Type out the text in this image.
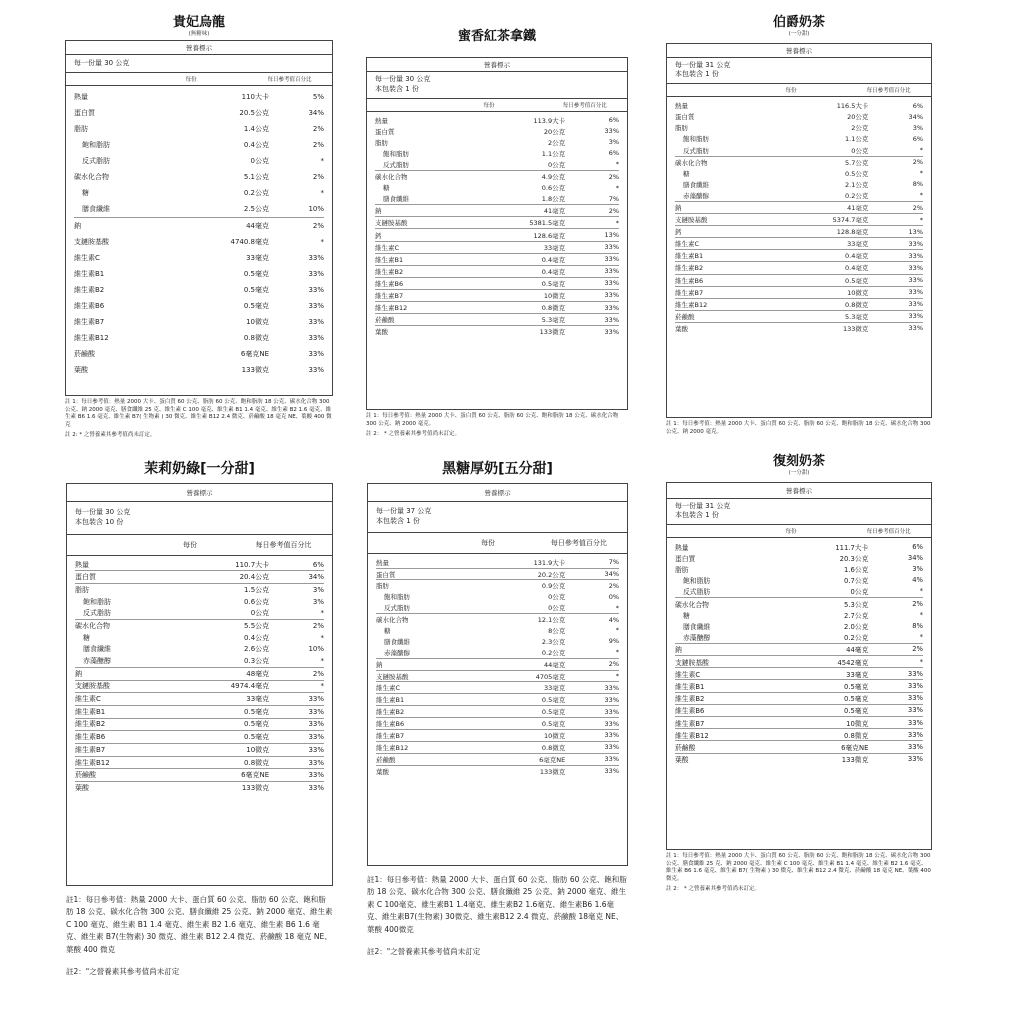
貴妃烏龍
(無糖味)
營養標示
每一份量 30 公克
每份	每日參考值百分比
熱量	110大卡	5%
蛋白質	20.5公克	34%
脂肪	1.4公克	2%
飽和脂肪	0.4公克	2%
反式脂肪	0公克	*
碳水化合物	5.1公克	2%
糖	0.2公克	*
膳食纖維	2.5公克	10%
鈉	44毫克	2%
支鏈胺基酸	4740.8毫克	*
維生素C	33毫克	33%
維生素B1	0.5毫克	33%
維生素B2	0.5毫克	33%
維生素B6	0.5毫克	33%
維生素B7	10微克	33%
維生素B12	0.8微克	33%
菸鹼酸	6毫克NE	33%
葉酸	133微克	33%
註 1：每日參考值：熱量 2000 大卡、蛋白質 60 公克、脂肪 60 公克、飽和脂肪 18 公克、碳水化合物 300 公克、鈉 2000 毫克、膳食纖維 25 克、維生素 C 100 毫克、維生素 B1 1.4 毫克、維生素 B2 1.6 毫克、維生素 B6 1.6 毫克、維生素 B7( 生物素 ) 30 微克、維生素 B12 2.4 微克、菸鹼酸 18 毫克 NE、葉酸 400 微克
註 2: * 之營養素其參考值尚未訂定。
蜜香紅茶拿鐵
營養標示
每一份量 30 公克
本包裝含 1 份
每份	每日參考值百分比
熱量	113.9大卡	6%
蛋白質	20公克	33%
脂肪	2公克	3%
飽和脂肪	1.1公克	6%
反式脂肪	0公克	*
碳水化合物	4.9公克	2%
糖	0.6公克	*
膳食纖維	1.8公克	7%
鈉	41毫克	2%
支鏈胺基酸	5381.5毫克	*
鈣	128.6毫克	13%
維生素C	33毫克	33%
維生素B1	0.4毫克	33%
維生素B2	0.4毫克	33%
維生素B6	0.5毫克	33%
維生素B7	10微克	33%
維生素B12	0.8微克	33%
菸鹼酸	5.3毫克	33%
葉酸	133微克	33%
註 1：每日參考值：熱量 2000 大卡、蛋白質 60 公克、脂肪 60 公克、飽和脂肪 18 公克、碳水化合物 300 公克、鈉 2000 毫克。
註 2： * 之營養素其參考值尚未訂定。
伯爵奶茶
(一分甜)
營養標示
每一份量 31 公克
本包裝含 1 份
每份	每日參考值百分比
熱量	116.5大卡	6%
蛋白質	20公克	34%
脂肪	2公克	3%
飽和脂肪	1.1公克	6%
反式脂肪	0公克	*
碳水化合物	5.7公克	2%
糖	0.5公克	*
膳食纖維	2.1公克	8%
赤藻醣醇	0.2公克	*
鈉	41毫克	2%
支鏈胺基酸	5374.7毫克	*
鈣	128.8毫克	13%
維生素C	33毫克	33%
維生素B1	0.4毫克	33%
維生素B2	0.4毫克	33%
維生素B6	0.5毫克	33%
維生素B7	10微克	33%
維生素B12	0.8微克	33%
菸鹼酸	5.3毫克	33%
葉酸	133微克	33%
註 1：每日參考值：熱量 2000 大卡、蛋白質 60 公克、脂肪 60 公克、飽和脂肪 18 公克、碳水化合物 300 公克、鈉 2000 毫克。
茉莉奶綠[一分甜]
營養標示
每一份量 30 公克
本包裝含 10 份
每份	每日參考值百分比
熱量	110.7大卡	6%
蛋白質	20.4公克	34%
脂肪	1.5公克	3%
飽和脂肪	0.6公克	3%
反式脂肪	0公克	*
碳水化合物	5.5公克	2%
糖	0.4公克	*
膳食纖維	2.6公克	10%
赤藻醣醇	0.3公克	*
鈉	48毫克	2%
支鏈胺基酸	4974.4毫克	*
維生素C	33毫克	33%
維生素B1	0.5毫克	33%
維生素B2	0.5毫克	33%
維生素B6	0.5毫克	33%
維生素B7	10微克	33%
維生素B12	0.8微克	33%
菸鹼酸	6毫克NE	33%
葉酸	133微克	33%
註1：每日參考值：熱量 2000 大卡、蛋白質 60 公克、脂肪 60 公克、飽和脂肪 18 公克、碳水化合物 300 公克、膳食纖維 25 公克、鈉 2000 毫克、維生素 C 100 毫克、維生素 B1 1.4 毫克、維生素 B2 1.6 毫克、維生素 B6 1.6 毫克、維生素 B7(生物素) 30 微克、維生素 B12 2.4 微克、菸鹼酸 18 毫克 NE、葉酸 400 微克
註2："之營養素其參考值尚未訂定
黑糖厚奶[五分甜]
營養標示
每一份量 37 公克
本包裝含 1 份
每份	每日參考值百分比
熱量	131.9大卡	7%
蛋白質	20.2公克	34%
脂肪	0.9公克	2%
飽和脂肪	0公克	0%
反式脂肪	0公克	*
碳水化合物	12.1公克	4%
糖	8公克	*
膳食纖維	2.3公克	9%
赤藻醣醇	0.2公克	*
鈉	44毫克	2%
支鏈胺基酸	4705毫克	*
維生素C	33毫克	33%
維生素B1	0.5毫克	33%
維生素B2	0.5毫克	33%
維生素B6	0.5毫克	33%
維生素B7	10微克	33%
維生素B12	0.8微克	33%
菸鹼酸	6毫克NE	33%
葉酸	133微克	33%
註1：每日參考值：熱量 2000 大卡、蛋白質 60 公克、脂肪 60 公克、飽和脂肪 18 公克、碳水化合物 300 公克、膳食纖維 25 公克、鈉 2000 毫克、維生素 C 100毫克、維生素B1 1.4毫克、維生素B2 1.6毫克、維生素B6 1.6毫克、維生素B7(生物素) 30微克、維生素B12 2.4 微克、菸鹼酸 18毫克 NE、葉酸 400微克
註2："之營養素其參考值尚未訂定
復刻奶茶
(一分甜)
營養標示
每一份量 31 公克
本包裝含 1 份
每份	每日參考值百分比
熱量	111.7大卡	6%
蛋白質	20.3公克	34%
脂肪	1.6公克	3%
飽和脂肪	0.7公克	4%
反式脂肪	0公克	*
碳水化合物	5.3公克	2%
糖	2.7公克	*
膳食纖維	2.0公克	8%
赤藻醣醇	0.2公克	*
鈉	44毫克	2%
支鏈胺基酸	4542毫克	*
維生素C	33毫克	33%
維生素B1	0.5毫克	33%
維生素B2	0.5毫克	33%
維生素B6	0.5毫克	33%
維生素B7	10微克	33%
維生素B12	0.8微克	33%
菸鹼酸	6毫克NE	33%
葉酸	133微克	33%
註 1：每日參考值：熱量 2000 大卡、蛋白質 60 公克、脂肪 60 公克、飽和脂肪 18 公克、碳水化合物 300 公克、膳食纖維 25 克、鈉 2000 毫克、維生素 C 100 毫克、維生素 B1 1.4 毫克、維生素 B2 1.6 毫克、維生素 B6 1.6 毫克、維生素 B7( 生物素 ) 30 微克、維生素 B12 2.4 微克、菸鹼酸 18 毫克 NE、葉酸 400 微克。
註 2： * 之營養素其參考值尚未訂定。
